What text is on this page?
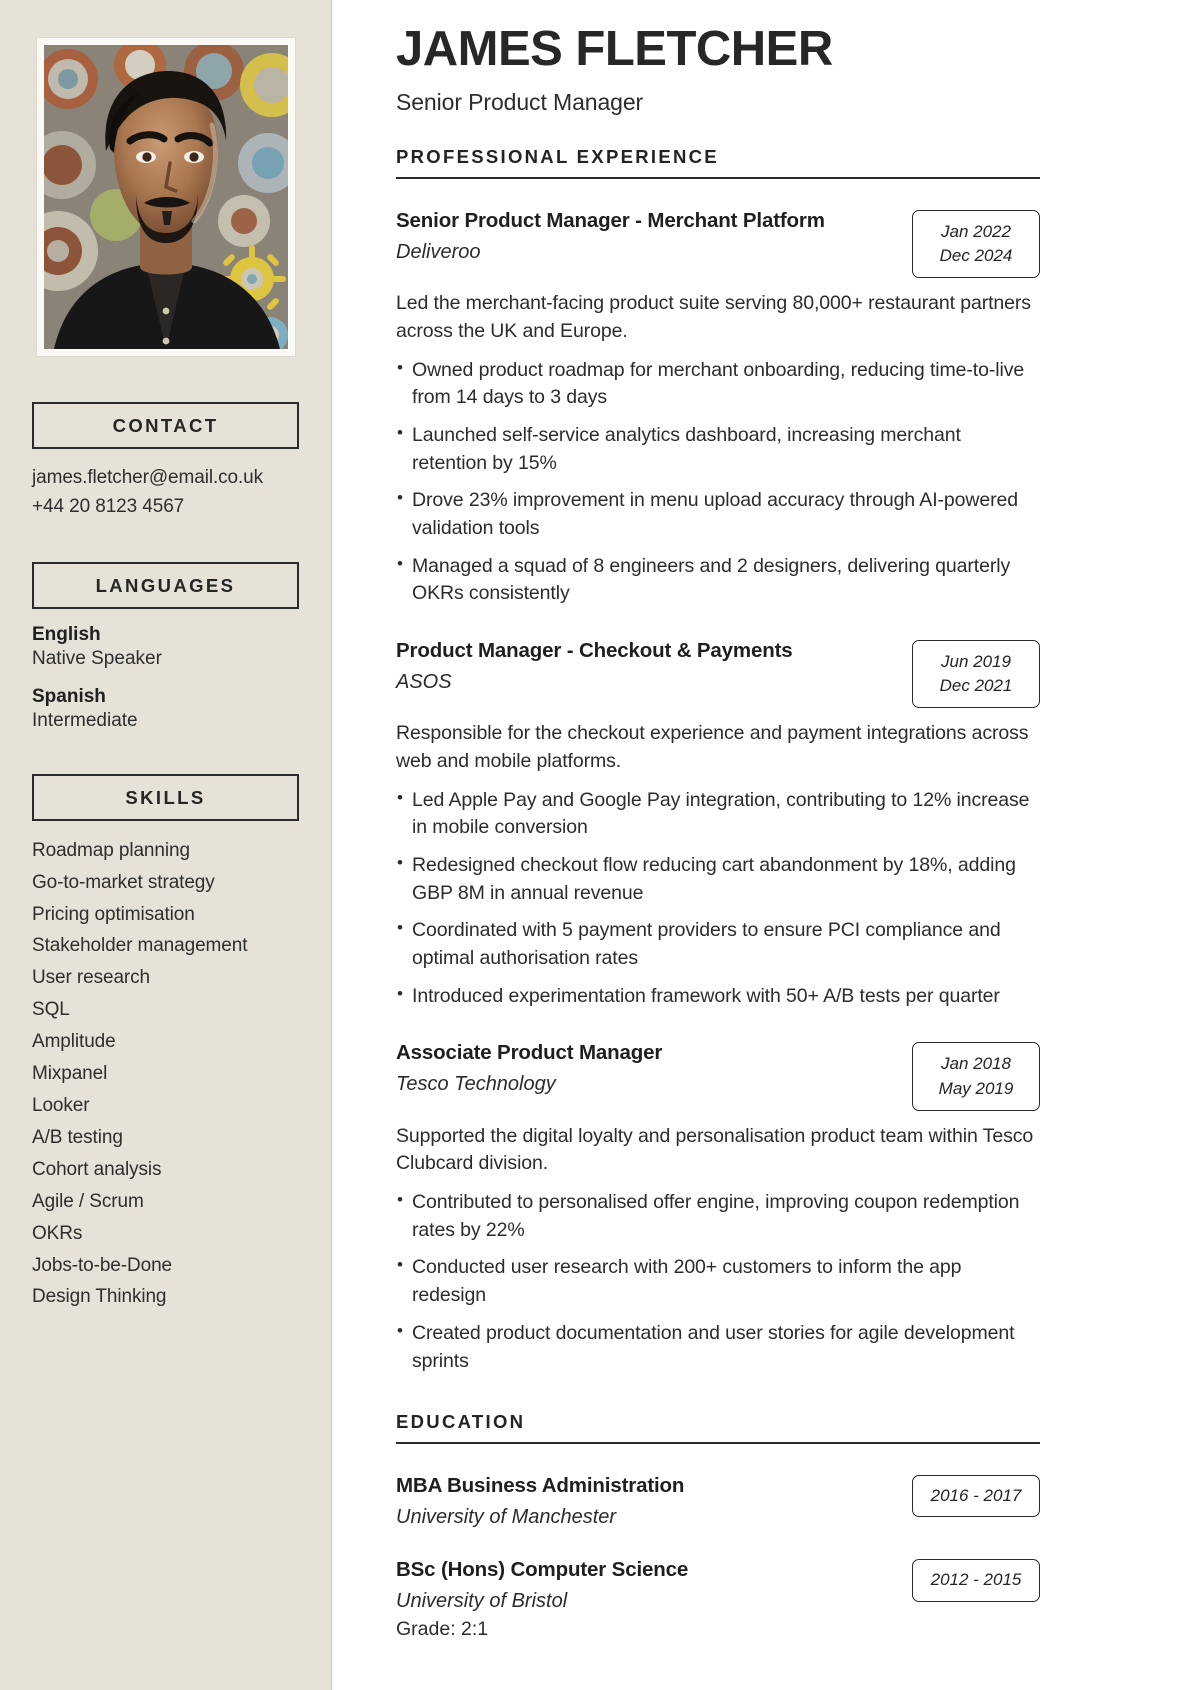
CONTACT
james.fletcher@email.co.uk
+44 20 8123 4567
LANGUAGES
English
Native Speaker
Spanish
Intermediate
SKILLS
Roadmap planning
Go-to-market strategy
Pricing optimisation
Stakeholder management
User research
SQL
Amplitude
Mixpanel
Looker
A/B testing
Cohort analysis
Agile / Scrum
OKRs
Jobs-to-be-Done
Design Thinking
JAMES FLETCHER
Senior Product Manager
PROFESSIONAL EXPERIENCE
Senior Product Manager - Merchant Platform
Deliveroo
Jan 2022
Dec 2024
Led the merchant-facing product suite serving 80,000+ restaurant partners across the UK and Europe.
• Owned product roadmap for merchant onboarding, reducing time-to-live from 14 days to 3 days
• Launched self-service analytics dashboard, increasing merchant retention by 15%
• Drove 23% improvement in menu upload accuracy through AI-powered validation tools
• Managed a squad of 8 engineers and 2 designers, delivering quarterly OKRs consistently
Product Manager - Checkout & Payments
ASOS
Jun 2019
Dec 2021
Responsible for the checkout experience and payment integrations across web and mobile platforms.
• Led Apple Pay and Google Pay integration, contributing to 12% increase in mobile conversion
• Redesigned checkout flow reducing cart abandonment by 18%, adding GBP 8M in annual revenue
• Coordinated with 5 payment providers to ensure PCI compliance and optimal authorisation rates
• Introduced experimentation framework with 50+ A/B tests per quarter
Associate Product Manager
Tesco Technology
Jan 2018
May 2019
Supported the digital loyalty and personalisation product team within Tesco Clubcard division.
• Contributed to personalised offer engine, improving coupon redemption rates by 22%
• Conducted user research with 200+ customers to inform the app redesign
• Created product documentation and user stories for agile development sprints
EDUCATION
MBA Business Administration
University of Manchester
2016 - 2017
BSc (Hons) Computer Science
University of Bristol
Grade: 2:1
2012 - 2015
